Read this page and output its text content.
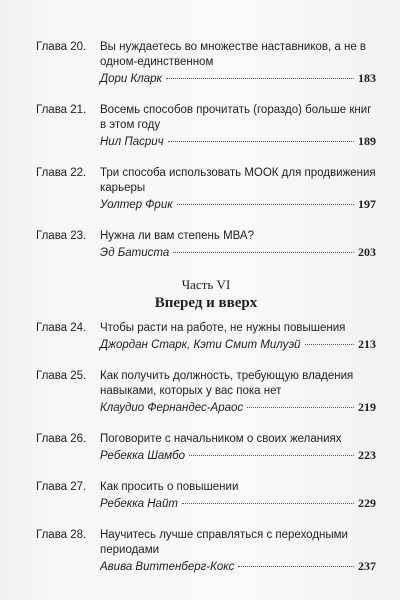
Глава 20.	Вы нуждаетесь во множестве наставников, а не в одном-единственном
Дори Кларк	183
Глава 21.	Восемь способов прочитать (гораздо) больше книг в этом году
Нил Пасрич	189
Глава 22.	Три способа использовать МООК для продвижения карьеры
Уолтер Фрик	197
Глава 23.	Нужна ли вам степень МВА?
Эд Батиста	203
Часть VI
Вперед и вверх
Глава 24.	Чтобы расти на работе, не нужны повышения
Джордан Старк, Кэти Смит Милуэй	213
Глава 25.	Как получить должность, требующую владения навыками, которых у вас пока нет
Клаудио Фернандес-Араос	219
Глава 26.	Поговорите с начальником о своих желаниях
Ребекка Шамбо	223
Глава 27.	Как просить о повышении
Ребекка Найт	229
Глава 28.	Научитесь лучше справляться с переходными периодами
Авива Виттенберг-Кокс	237
